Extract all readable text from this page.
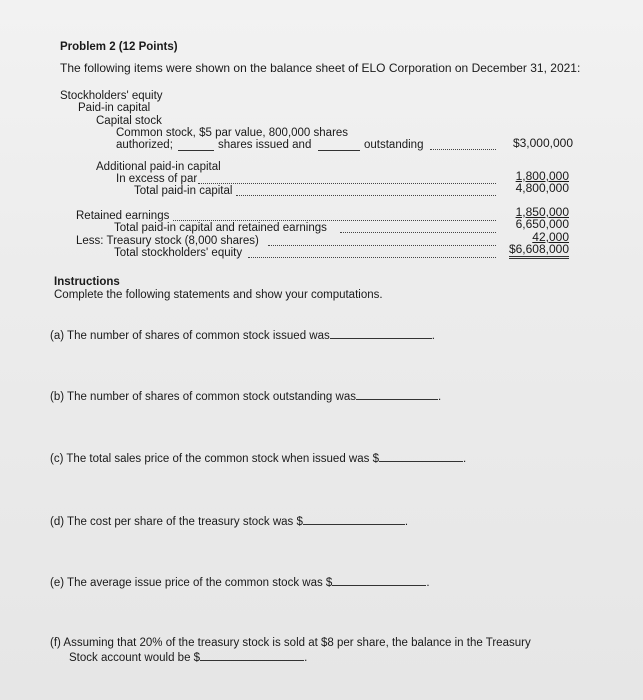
Problem 2 (12 Points)
The following items were shown on the balance sheet of ELO Corporation on December 31, 2021:
Stockholders' equity
Paid-in capital
Capital stock
Common stock, $5 par value, 800,000 shares
authorized;	shares issued and	outstanding	$3,000,000
Additional paid-in capital
In excess of par	1,800,000
Total paid-in capital	4,800,000
Retained earnings	1,850,000
Total paid-in capital and retained earnings	6,650,000
Less: Treasury stock (8,000 shares)	42,000
Total stockholders' equity	$6,608,000
Instructions
Complete the following statements and show your computations.
(a) The number of shares of common stock issued was	.
(b) The number of shares of common stock outstanding was	.
(c) The total sales price of the common stock when issued was $	.
(d) The cost per share of the treasury stock was $	.
(e) The average issue price of the common stock was $	.
(f) Assuming that 20% of the treasury stock is sold at $8 per share, the balance in the Treasury
Stock account would be $	.
